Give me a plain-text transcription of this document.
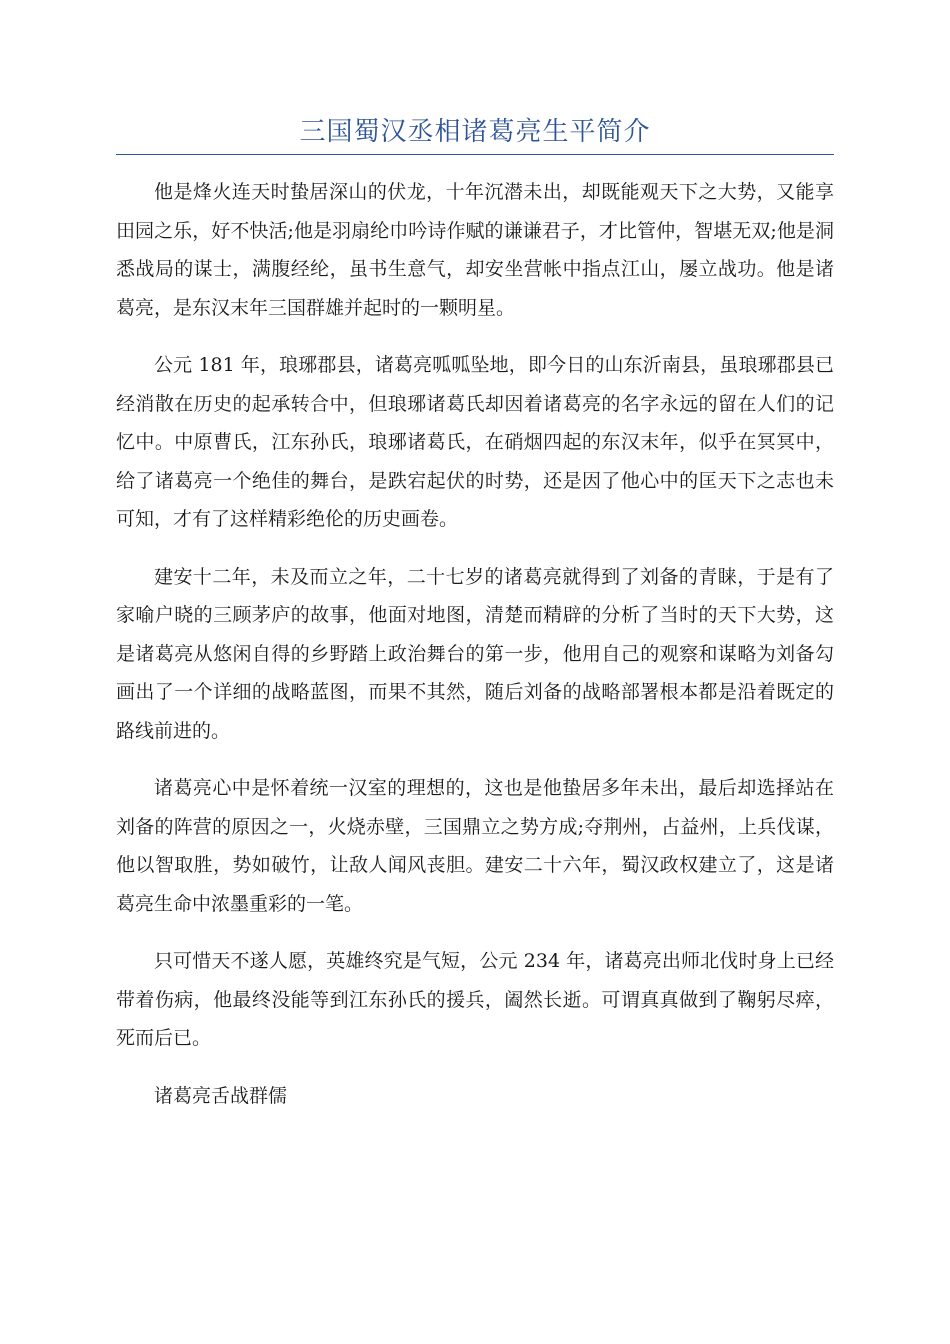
三国蜀汉丞相诸葛亮生平简介

他是烽火连天时蛰居深山的伏龙，十年沉潜未出，却既能观天下之大势，又能享田园之乐，好不快活;他是羽扇纶巾吟诗作赋的谦谦君子，才比管仲，智堪无双;他是洞悉战局的谋士，满腹经纶，虽书生意气，却安坐营帐中指点江山，屡立战功。他是诸葛亮，是东汉末年三国群雄并起时的一颗明星。

公元 181 年，琅琊郡县，诸葛亮呱呱坠地，即今日的山东沂南县，虽琅琊郡县已经消散在历史的起承转合中，但琅琊诸葛氏却因着诸葛亮的名字永远的留在人们的记忆中。中原曹氏，江东孙氏，琅琊诸葛氏，在硝烟四起的东汉末年，似乎在冥冥中，给了诸葛亮一个绝佳的舞台，是跌宕起伏的时势，还是因了他心中的匡天下之志也未可知，才有了这样精彩绝伦的历史画卷。

建安十二年，未及而立之年，二十七岁的诸葛亮就得到了刘备的青睐，于是有了家喻户晓的三顾茅庐的故事，他面对地图，清楚而精辟的分析了当时的天下大势，这是诸葛亮从悠闲自得的乡野踏上政治舞台的第一步，他用自己的观察和谋略为刘备勾画出了一个详细的战略蓝图，而果不其然，随后刘备的战略部署根本都是沿着既定的路线前进的。

诸葛亮心中是怀着统一汉室的理想的，这也是他蛰居多年未出，最后却选择站在刘备的阵营的原因之一，火烧赤壁，三国鼎立之势方成;夺荆州，占益州，上兵伐谋，他以智取胜，势如破竹，让敌人闻风丧胆。建安二十六年，蜀汉政权建立了，这是诸葛亮生命中浓墨重彩的一笔。

只可惜天不遂人愿，英雄终究是气短，公元 234 年，诸葛亮出师北伐时身上已经带着伤病，他最终没能等到江东孙氏的援兵，阖然长逝。可谓真真做到了鞠躬尽瘁，死而后已。

诸葛亮舌战群儒
